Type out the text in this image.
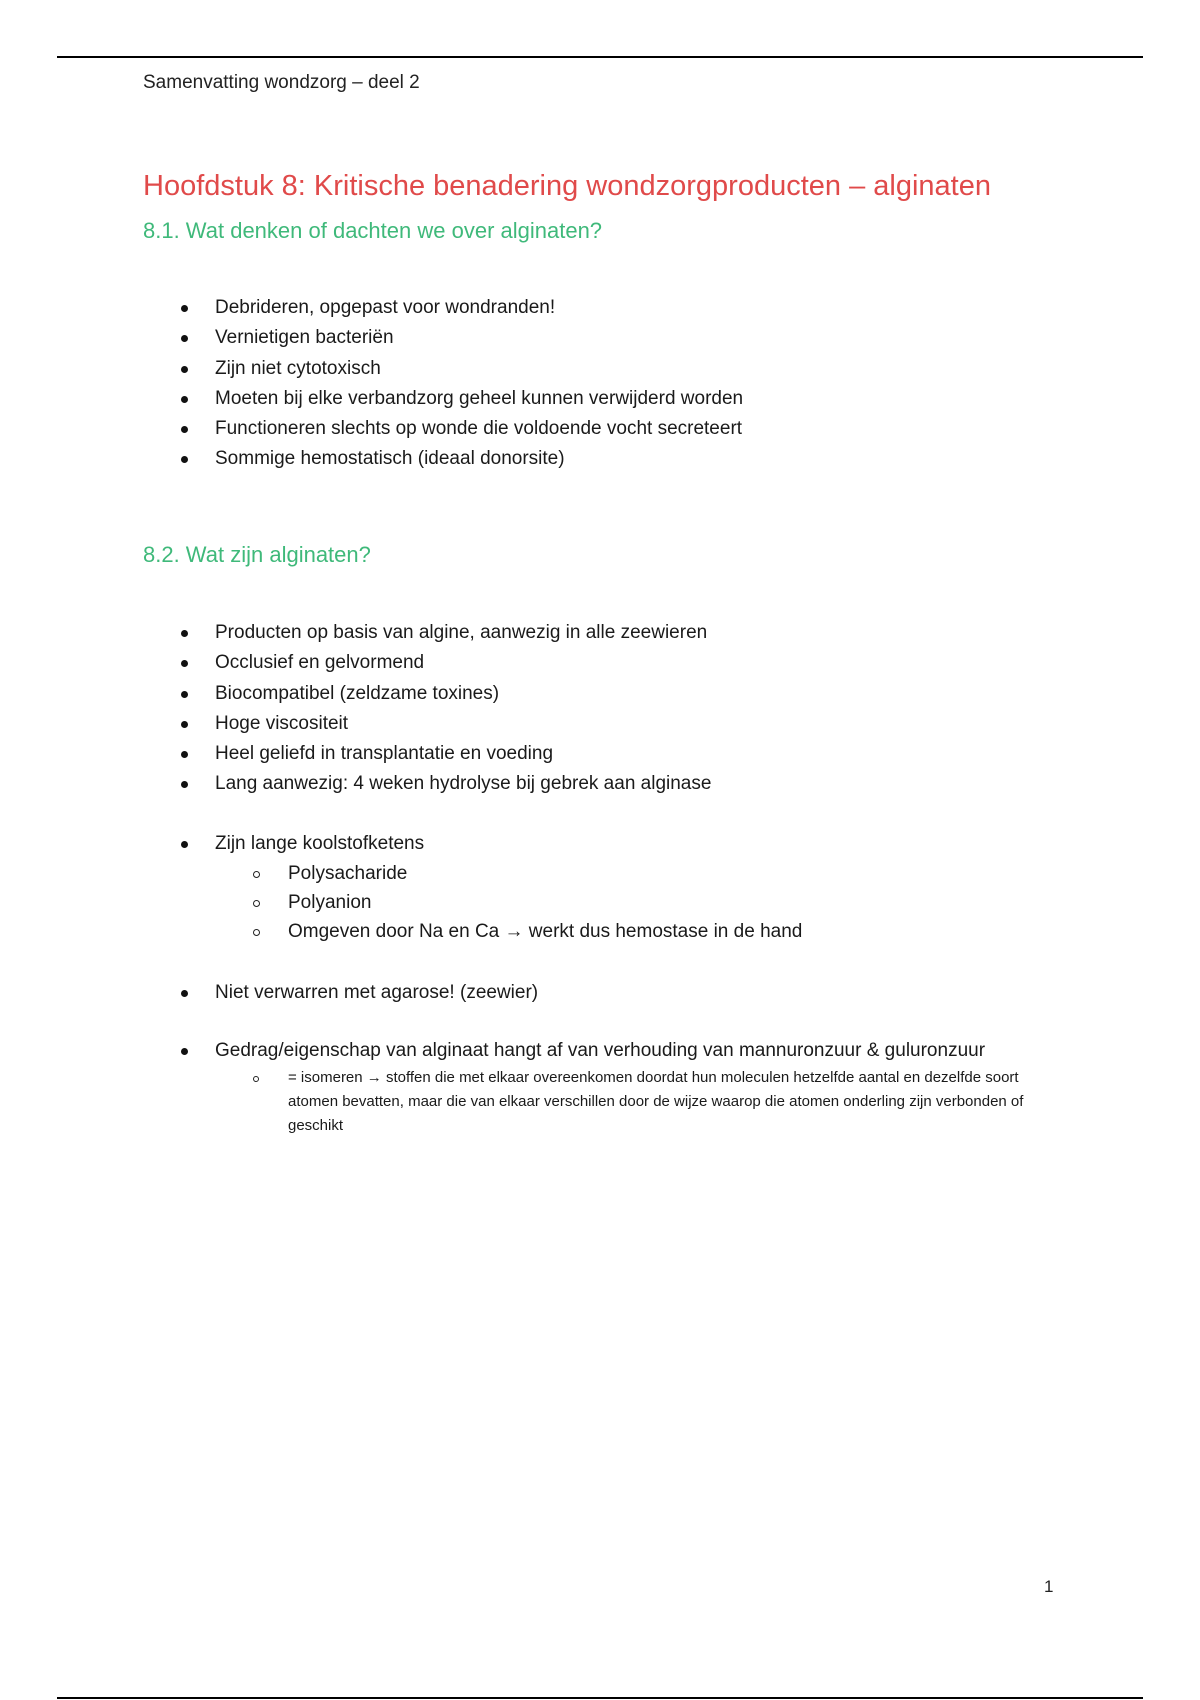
Samenvatting wondzorg – deel 2
Hoofdstuk 8: Kritische benadering wondzorgproducten – alginaten
8.1. Wat denken of dachten we over alginaten?
Debrideren, opgepast voor wondranden!
Vernietigen bacteriën
Zijn niet cytotoxisch
Moeten bij elke verbandzorg geheel kunnen verwijderd worden
Functioneren slechts op wonde die voldoende vocht secreteert
Sommige hemostatisch (ideaal donorsite)
8.2. Wat zijn alginaten?
Producten op basis van algine, aanwezig in alle zeewieren
Occlusief en gelvormend
Biocompatibel (zeldzame toxines)
Hoge viscositeit
Heel geliefd in transplantatie en voeding
Lang aanwezig: 4 weken hydrolyse bij gebrek aan alginase
Zijn lange koolstofketens
Polysacharide
Polyanion
Omgeven door Na en Ca → werkt dus hemostase in de hand
Niet verwarren met agarose! (zeewier)
Gedrag/eigenschap van alginaat hangt af van verhouding van mannuronzuur & guluronzuur
= isomeren → stoffen die met elkaar overeenkomen doordat hun moleculen hetzelfde aantal en dezelfde soort atomen bevatten, maar die van elkaar verschillen door de wijze waarop die atomen onderling zijn verbonden of geschikt
1
